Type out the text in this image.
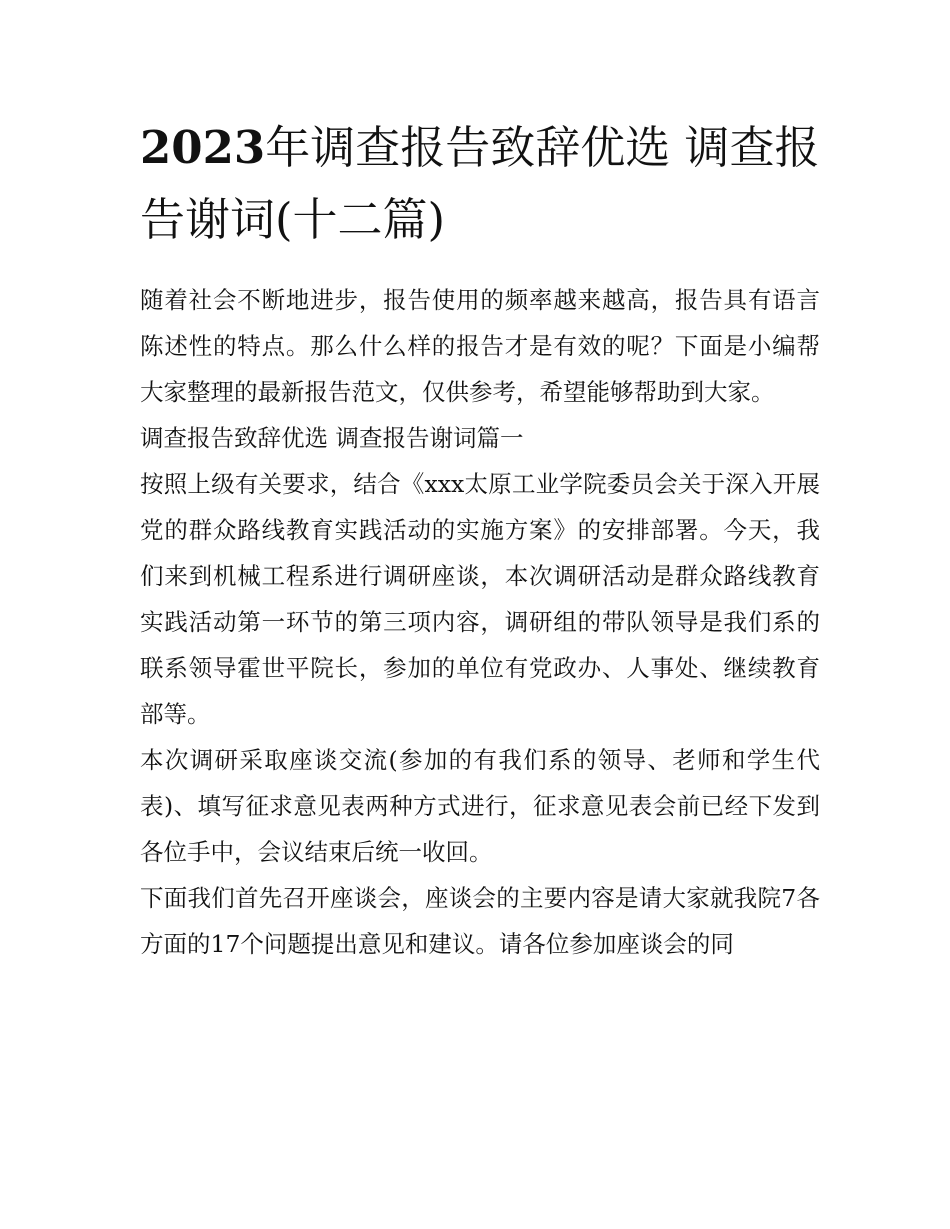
2023年调查报告致辞优选 调查报告谢词(十二篇)

随着社会不断地进步，报告使用的频率越来越高，报告具有语言陈述性的特点。那么什么样的报告才是有效的呢？下面是小编帮大家整理的最新报告范文，仅供参考，希望能够帮助到大家。

调查报告致辞优选 调查报告谢词篇一

按照上级有关要求，结合《xxx太原工业学院委员会关于深入开展党的群众路线教育实践活动的实施方案》的安排部署。今天，我们来到机械工程系进行调研座谈，本次调研活动是群众路线教育实践活动第一环节的第三项内容，调研组的带队领导是我们系的联系领导霍世平院长，参加的单位有党政办、人事处、继续教育部等。

本次调研采取座谈交流(参加的有我们系的领导、老师和学生代表)、填写征求意见表两种方式进行，征求意见表会前已经下发到各位手中，会议结束后统一收回。

下面我们首先召开座谈会，座谈会的主要内容是请大家就我院7各方面的17个问题提出意见和建议。请各位参加座谈会的同
